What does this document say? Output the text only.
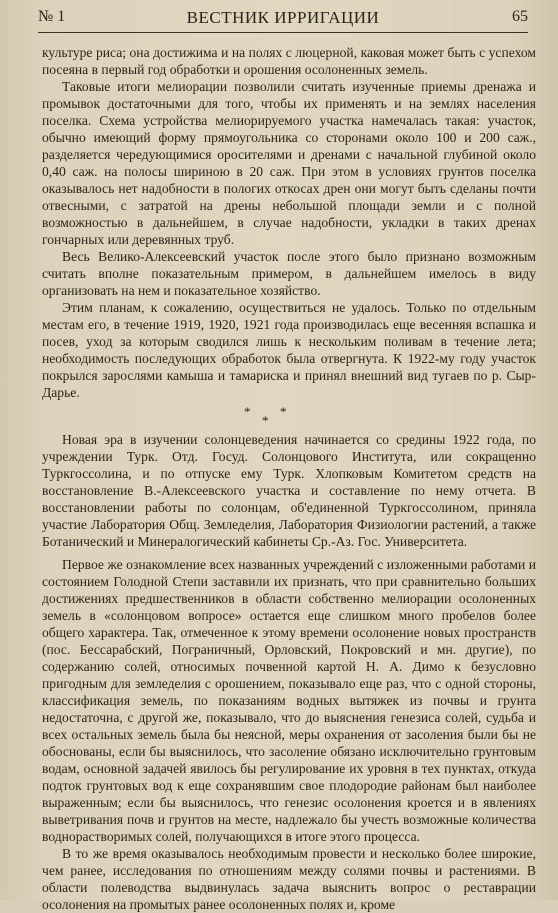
№ 1	ВЕСТНИК ИРРИГАЦИИ	65

культуре риса; она достижима и на полях с люцерной, каковая может быть с успехом посеяна в первый год обработки и орошения осолоненных земель.

Таковые итоги мелиорации позволили считать изученные приемы дренажа и промывок достаточными для того, чтобы их применять и на землях населения поселка. Схема устройства мелиорируемого участка намечалась такая: участок, обычно имеющий форму прямоугольника со сторонами около 100 и 200 саж., разделяется чередующимися оросителями и дренами с начальной глубиной около 0,40 саж. на полосы шириною в 20 саж. При этом в условиях грунтов поселка оказывалось нет надобности в пологих откосах дрен они могут быть сделаны почти отвесными, с затратой на дрены небольшой площади земли и с полной возможностью в дальнейшем, в случае надобности, укладки в таких дренах гончарных или деревянных труб.

Весь Велико-Алексеевский участок после этого было признано возможным считать вполне показательным примером, в дальнейшем имелось в виду организовать на нем и показательное хозяйство.

Этим планам, к сожалению, осуществиться не удалось. Только по отдельным местам его, в течение 1919, 1920, 1921 года производилась еще весенняя вспашка и посев, уход за которым сводился лишь к нескольким поливам в течение лета; необходимость последующих обработок была отвергнута. К 1922-му году участок покрылся зарослями камыша и тамариска и принял внешний вид тугаев по р. Сыр-Дарье.

* *
*

Новая эра в изучении солонцеведения начинается со средины 1922 года, по учреждении Турк. Отд. Госуд. Солонцового Института, или сокращенно Туркгоссолина, и по отпуске ему Турк. Хлопковым Комитетом средств на восстановление В.-Алексеевского участка и составление по нему отчета. В восстановлении работы по солонцам, об'единенной Туркгоссолином, приняла участие Лаборатория Общ. Земледелия, Лаборатория Физиологии растений, а также Ботанический и Минералогический кабинеты Ср.-Аз. Гос. Университета.

Первое же ознакомление всех названных учреждений с изложенными работами и состоянием Голодной Степи заставили их признать, что при сравнительно больших достижениях предшественников в области собственно мелиорации осолоненных земель в «солонцовом вопросе» остается еще слишком много пробелов более общего характера. Так, отмеченное к этому времени осолонение новых пространств (пос. Бессарабский, Пограничный, Орловский, Покровский и мн. другие), по содержанию солей, относимых почвенной картой Н. А. Димо к безусловно пригодным для земледелия с орошением, показывало еще раз, что с одной стороны, классификация земель, по показаниям водных вытяжек из почвы и грунта недостаточна, с другой же, показывало, что до выяснения генезиса солей, судьба и всех остальных земель была бы неясной, меры охранения от засоления были бы не обоснованы, если бы выяснилось, что засоление обязано исключительно грунтовым водам, основной задачей явилось бы регулирование их уровня в тех пунктах, откуда подток грунтовых вод к еще сохранявшим свое плодородие районам был наиболее выраженным; если бы выяснилось, что генезис осолонения кроется и в явлениях выветривания почв и грунтов на месте, надлежало бы учесть возможные количества воднорастворимых солей, получающихся в итоге этого процесса.

В то же время оказывалось необходимым провести и несколько более широкие, чем ранее, исследования по отношениям между солями почвы и растениями. В области полеводства выдвинулась задача выяснить вопрос о реставрации осолонения на промытых ранее осолоненных полях и, кроме
